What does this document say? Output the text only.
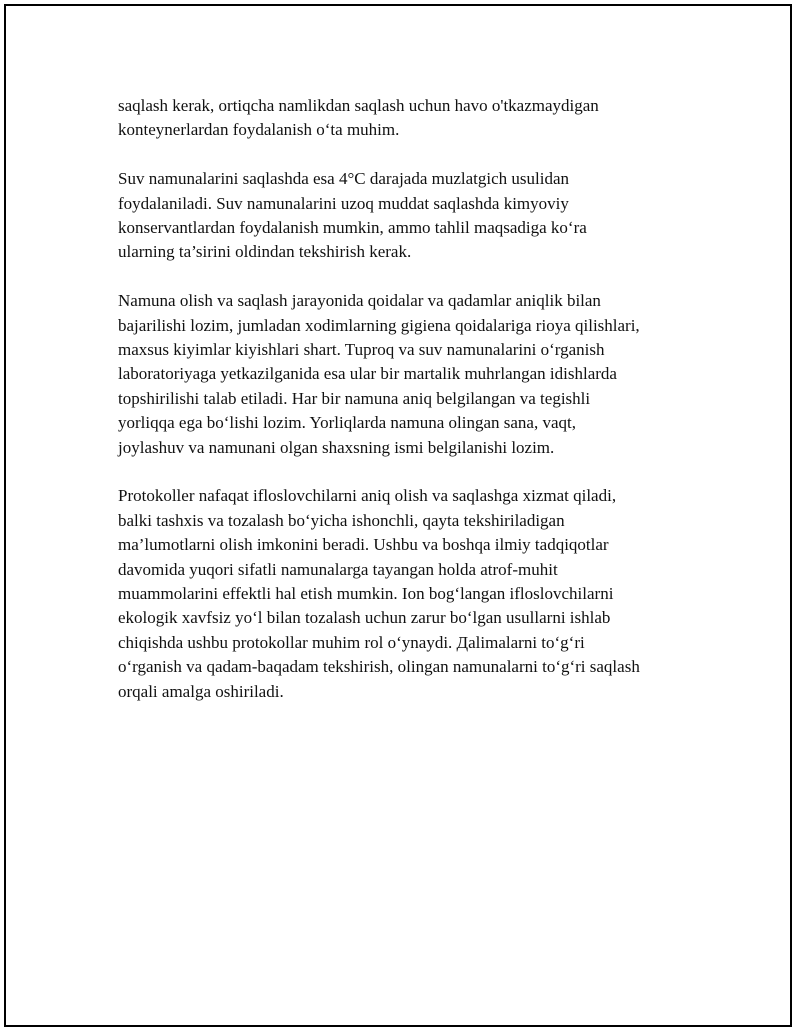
saqlash kerak, ortiqcha namlikdan saqlash uchun havo o'tkazmaydigan
konteynerlardan foydalanish o‘ta muhim.

Suv namunalarini saqlashda esa 4°C darajada muzlatgich usulidan
foydalaniladi. Suv namunalarini uzoq muddat saqlashda kimyoviy
konservantlardan foydalanish mumkin, ammo tahlil maqsadiga ko‘ra
ularning ta’sirini oldindan tekshirish kerak.

Namuna olish va saqlash jarayonida qoidalar va qadamlar aniqlik bilan
bajarilishi lozim, jumladan xodimlarning gigiena qoidalariga rioya qilishlari,
maxsus kiyimlar kiyishlari shart. Tuproq va suv namunalarini o‘rganish
laboratoriyaga yetkazilganida esa ular bir martalik muhrlangan idishlarda
topshirilishi talab etiladi. Har bir namuna aniq belgilangan va tegishli
yorliqqa ega bo‘lishi lozim. Yorliqlarda namuna olingan sana, vaqt,
joylashuv va namunani olgan shaxsning ismi belgilanishi lozim.

Protokoller nafaqat ifloslovchilarni aniq olish va saqlashga xizmat qiladi,
balki tashxis va tozalash bo‘yicha ishonchli, qayta tekshiriladigan
ma’lumotlarni olish imkonini beradi. Ushbu va boshqa ilmiy tadqiqotlar
davomida yuqori sifatli namunalarga tayangan holda atrof-muhit
muammolarini effektli hal etish mumkin. Ion bog‘langan ifloslovchilarni
ekologik xavfsiz yo‘l bilan tozalash uchun zarur bo‘lgan usullarni ishlab
chiqishda ushbu protokollar muhim rol o‘ynaydi. Дalimalarni to‘g‘ri
o‘rganish va qadam-baqadam tekshirish, olingan namunalarni to‘g‘ri saqlash
orqali amalga oshiriladi.
